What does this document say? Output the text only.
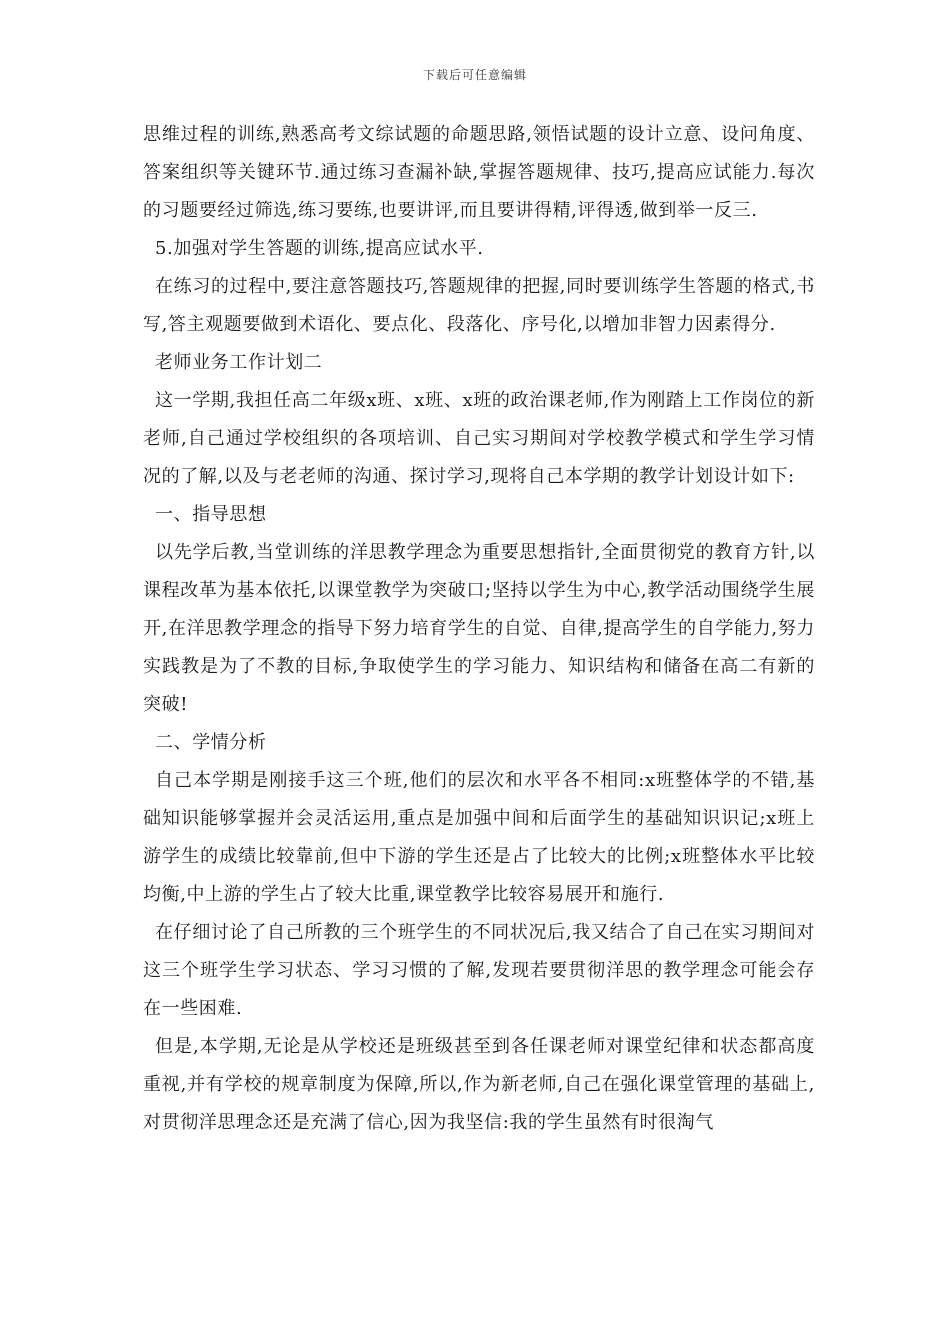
下载后可任意编辑

思维过程的训练,熟悉高考文综试题的命题思路,领悟试题的设计立意、设问角度、答案组织等关键环节.通过练习查漏补缺,掌握答题规律、技巧,提高应试能力.每次的习题要经过筛选,练习要练,也要讲评,而且要讲得精,评得透,做到举一反三.

5.加强对学生答题的训练,提高应试水平.

在练习的过程中,要注意答题技巧,答题规律的把握,同时要训练学生答题的格式,书写,答主观题要做到术语化、要点化、段落化、序号化,以增加非智力因素得分.

老师业务工作计划二

这一学期,我担任高二年级x班、x班、x班的政治课老师,作为刚踏上工作岗位的新老师,自己通过学校组织的各项培训、自己实习期间对学校教学模式和学生学习情况的了解,以及与老老师的沟通、探讨学习,现将自己本学期的教学计划设计如下:

一、指导思想

以先学后教,当堂训练的洋思教学理念为重要思想指针,全面贯彻党的教育方针,以课程改革为基本依托,以课堂教学为突破口;坚持以学生为中心,教学活动围绕学生展开,在洋思教学理念的指导下努力培育学生的自觉、自律,提高学生的自学能力,努力实践教是为了不教的目标,争取使学生的学习能力、知识结构和储备在高二有新的突破!

二、学情分析

自己本学期是刚接手这三个班,他们的层次和水平各不相同:x班整体学的不错,基础知识能够掌握并会灵活运用,重点是加强中间和后面学生的基础知识识记;x班上游学生的成绩比较靠前,但中下游的学生还是占了比较大的比例;x班整体水平比较均衡,中上游的学生占了较大比重,课堂教学比较容易展开和施行.

在仔细讨论了自己所教的三个班学生的不同状况后,我又结合了自己在实习期间对这三个班学生学习状态、学习习惯的了解,发现若要贯彻洋思的教学理念可能会存在一些困难.

但是,本学期,无论是从学校还是班级甚至到各任课老师对课堂纪律和状态都高度重视,并有学校的规章制度为保障,所以,作为新老师,自己在强化课堂管理的基础上,对贯彻洋思理念还是充满了信心,因为我坚信:我的学生虽然有时很淘气
